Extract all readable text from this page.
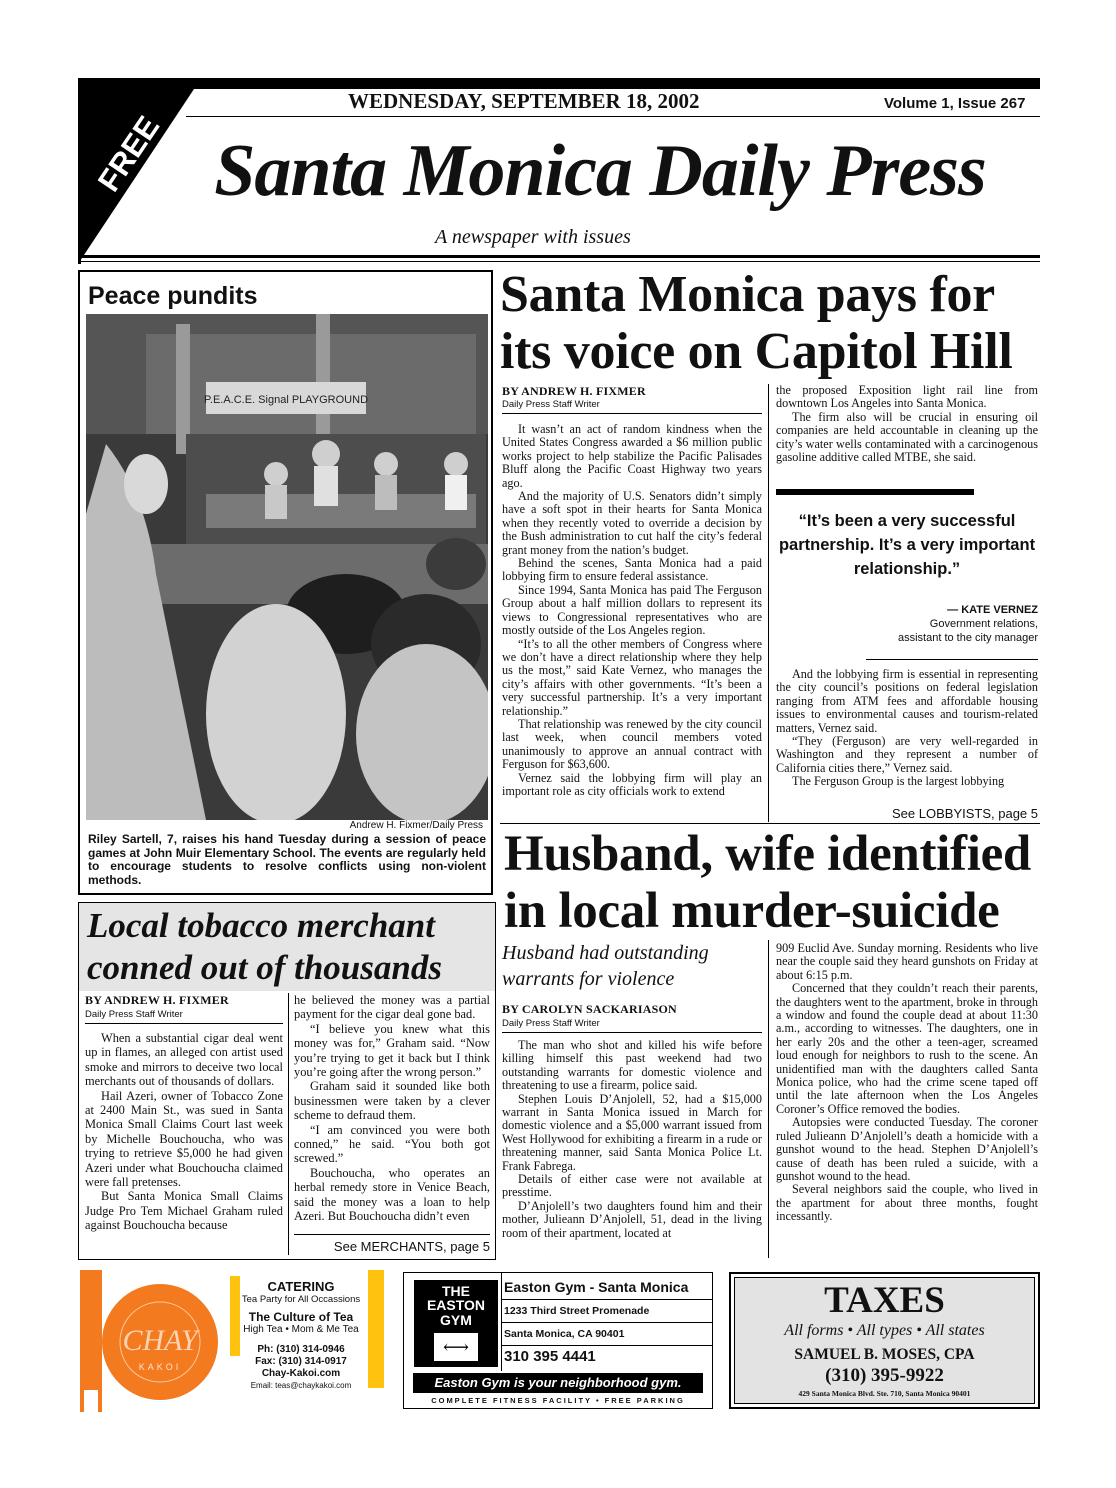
FREE
WEDNESDAY, SEPTEMBER 18, 2002	Volume 1, Issue 267
Santa Monica Daily Press
A newspaper with issues
Peace pundits
P.E.A.C.E. Signal PLAYGROUND
Andrew H. Fixmer/Daily Press
Riley Sartell, 7, raises his hand Tuesday during a session of peace games at John Muir Elementary School. The events are regularly held to encourage students to resolve conflicts using non-violent methods.
Santa Monica pays for its voice on Capitol Hill
BY ANDREW H. FIXMER
Daily Press Staff Writer

It wasn’t an act of random kindness when the United States Congress awarded a $6 million public works project to help stabilize the Pacific Palisades Bluff along the Pacific Coast Highway two years ago.

And the majority of U.S. Senators didn’t simply have a soft spot in their hearts for Santa Monica when they recently voted to override a decision by the Bush administration to cut half the city’s federal grant money from the nation’s budget.

Behind the scenes, Santa Monica had a paid lobbying firm to ensure federal assistance.

Since 1994, Santa Monica has paid The Ferguson Group about a half million dollars to represent its views to Congressional representatives who are mostly outside of the Los Angeles region.

“It’s to all the other members of Congress where we don’t have a direct relationship where they help us the most,” said Kate Vernez, who manages the city’s affairs with other governments. “It’s been a very successful partnership. It’s a very important relationship.”

That relationship was renewed by the city council last week, when council members voted unanimously to approve an annual contract with Ferguson for $63,600.

Vernez said the lobbying firm will play an important role as city officials work to extend

the proposed Exposition light rail line from downtown Los Angeles into Santa Monica.

The firm also will be crucial in ensuring oil companies are held accountable in cleaning up the city’s water wells contaminated with a carcinogenous gasoline additive called MTBE, she said.

“It’s been a very successful partnership. It’s a very important relationship.”
— KATE VERNEZ
Government relations,
assistant to the city manager

And the lobbying firm is essential in representing the city council’s positions on federal legislation ranging from ATM fees and affordable housing issues to environmental causes and tourism-related matters, Vernez said.

“They (Ferguson) are very well-regarded in Washington and they represent a number of California cities there,” Vernez said.

The Ferguson Group is the largest lobbying

See LOBBYISTS, page 5
Husband, wife identified in local murder-suicide
Husband had outstanding warrants for violence
BY CAROLYN SACKARIASON
Daily Press Staff Writer

The man who shot and killed his wife before killing himself this past weekend had two outstanding warrants for domestic violence and threatening to use a firearm, police said.

Stephen Louis D’Anjolell, 52, had a $15,000 warrant in Santa Monica issued in March for domestic violence and a $5,000 warrant issued from West Hollywood for exhibiting a firearm in a rude or threatening manner, said Santa Monica Police Lt. Frank Fabrega.

Details of either case were not available at presstime.

D’Anjolell’s two daughters found him and their mother, Julieann D’Anjolell, 51, dead in the living room of their apartment, located at

909 Euclid Ave. Sunday morning. Residents who live near the couple said they heard gunshots on Friday at about 6:15 p.m.

Concerned that they couldn’t reach their parents, the daughters went to the apartment, broke in through a window and found the couple dead at about 11:30 a.m., according to witnesses. The daughters, one in her early 20s and the other a teen-ager, screamed loud enough for neighbors to rush to the scene. An unidentified man with the daughters called Santa Monica police, who had the crime scene taped off until the late afternoon when the Los Angeles Coroner’s Office removed the bodies.

Autopsies were conducted Tuesday. The coroner ruled Julieann D’Anjolell’s death a homicide with a gunshot wound to the head. Stephen D’Anjolell’s cause of death has been ruled a suicide, with a gunshot wound to the head.

Several neighbors said the couple, who lived in the apartment for about three months, fought incessantly.

Local tobacco merchant conned out of thousands
BY ANDREW H. FIXMER
Daily Press Staff Writer

When a substantial cigar deal went up in flames, an alleged con artist used smoke and mirrors to deceive two local merchants out of thousands of dollars.

Hail Azeri, owner of Tobacco Zone at 2400 Main St., was sued in Santa Monica Small Claims Court last week by Michelle Bouchoucha, who was trying to retrieve $5,000 he had given Azeri under what Bouchoucha claimed were fall pretenses.

But Santa Monica Small Claims Judge Pro Tem Michael Graham ruled against Bouchoucha because

he believed the money was a partial payment for the cigar deal gone bad.

“I believe you knew what this money was for,” Graham said. “Now you’re trying to get it back but I think you’re going after the wrong person.”

Graham said it sounded like both businessmen were taken by a clever scheme to defraud them.

“I am convinced you were both conned,” he said. “You both got screwed.”

Bouchoucha, who operates an herbal remedy store in Venice Beach, said the money was a loan to help Azeri. But Bouchoucha didn’t even

See MERCHANTS, page 5
CHAY
KAKOI
CATERING
Tea Party for All Occassions
The Culture of Tea
High Tea • Mom & Me Tea
Ph: (310) 314-0946
Fax: (310) 314-0917
Chay-Kakoi.com
Email: teas@chaykakoi.com
THE
EASTON
GYM
⟷
Easton Gym - Santa Monica
1233 Third Street Promenade
Santa Monica, CA 90401
310 395 4441
Easton Gym is your neighborhood gym.
COMPLETE FITNESS FACILITY • FREE PARKING
TAXES
All forms • All types • All states
SAMUEL B. MOSES, CPA
(310) 395-9922
429 Santa Monica Blvd. Ste. 710, Santa Monica 90401
